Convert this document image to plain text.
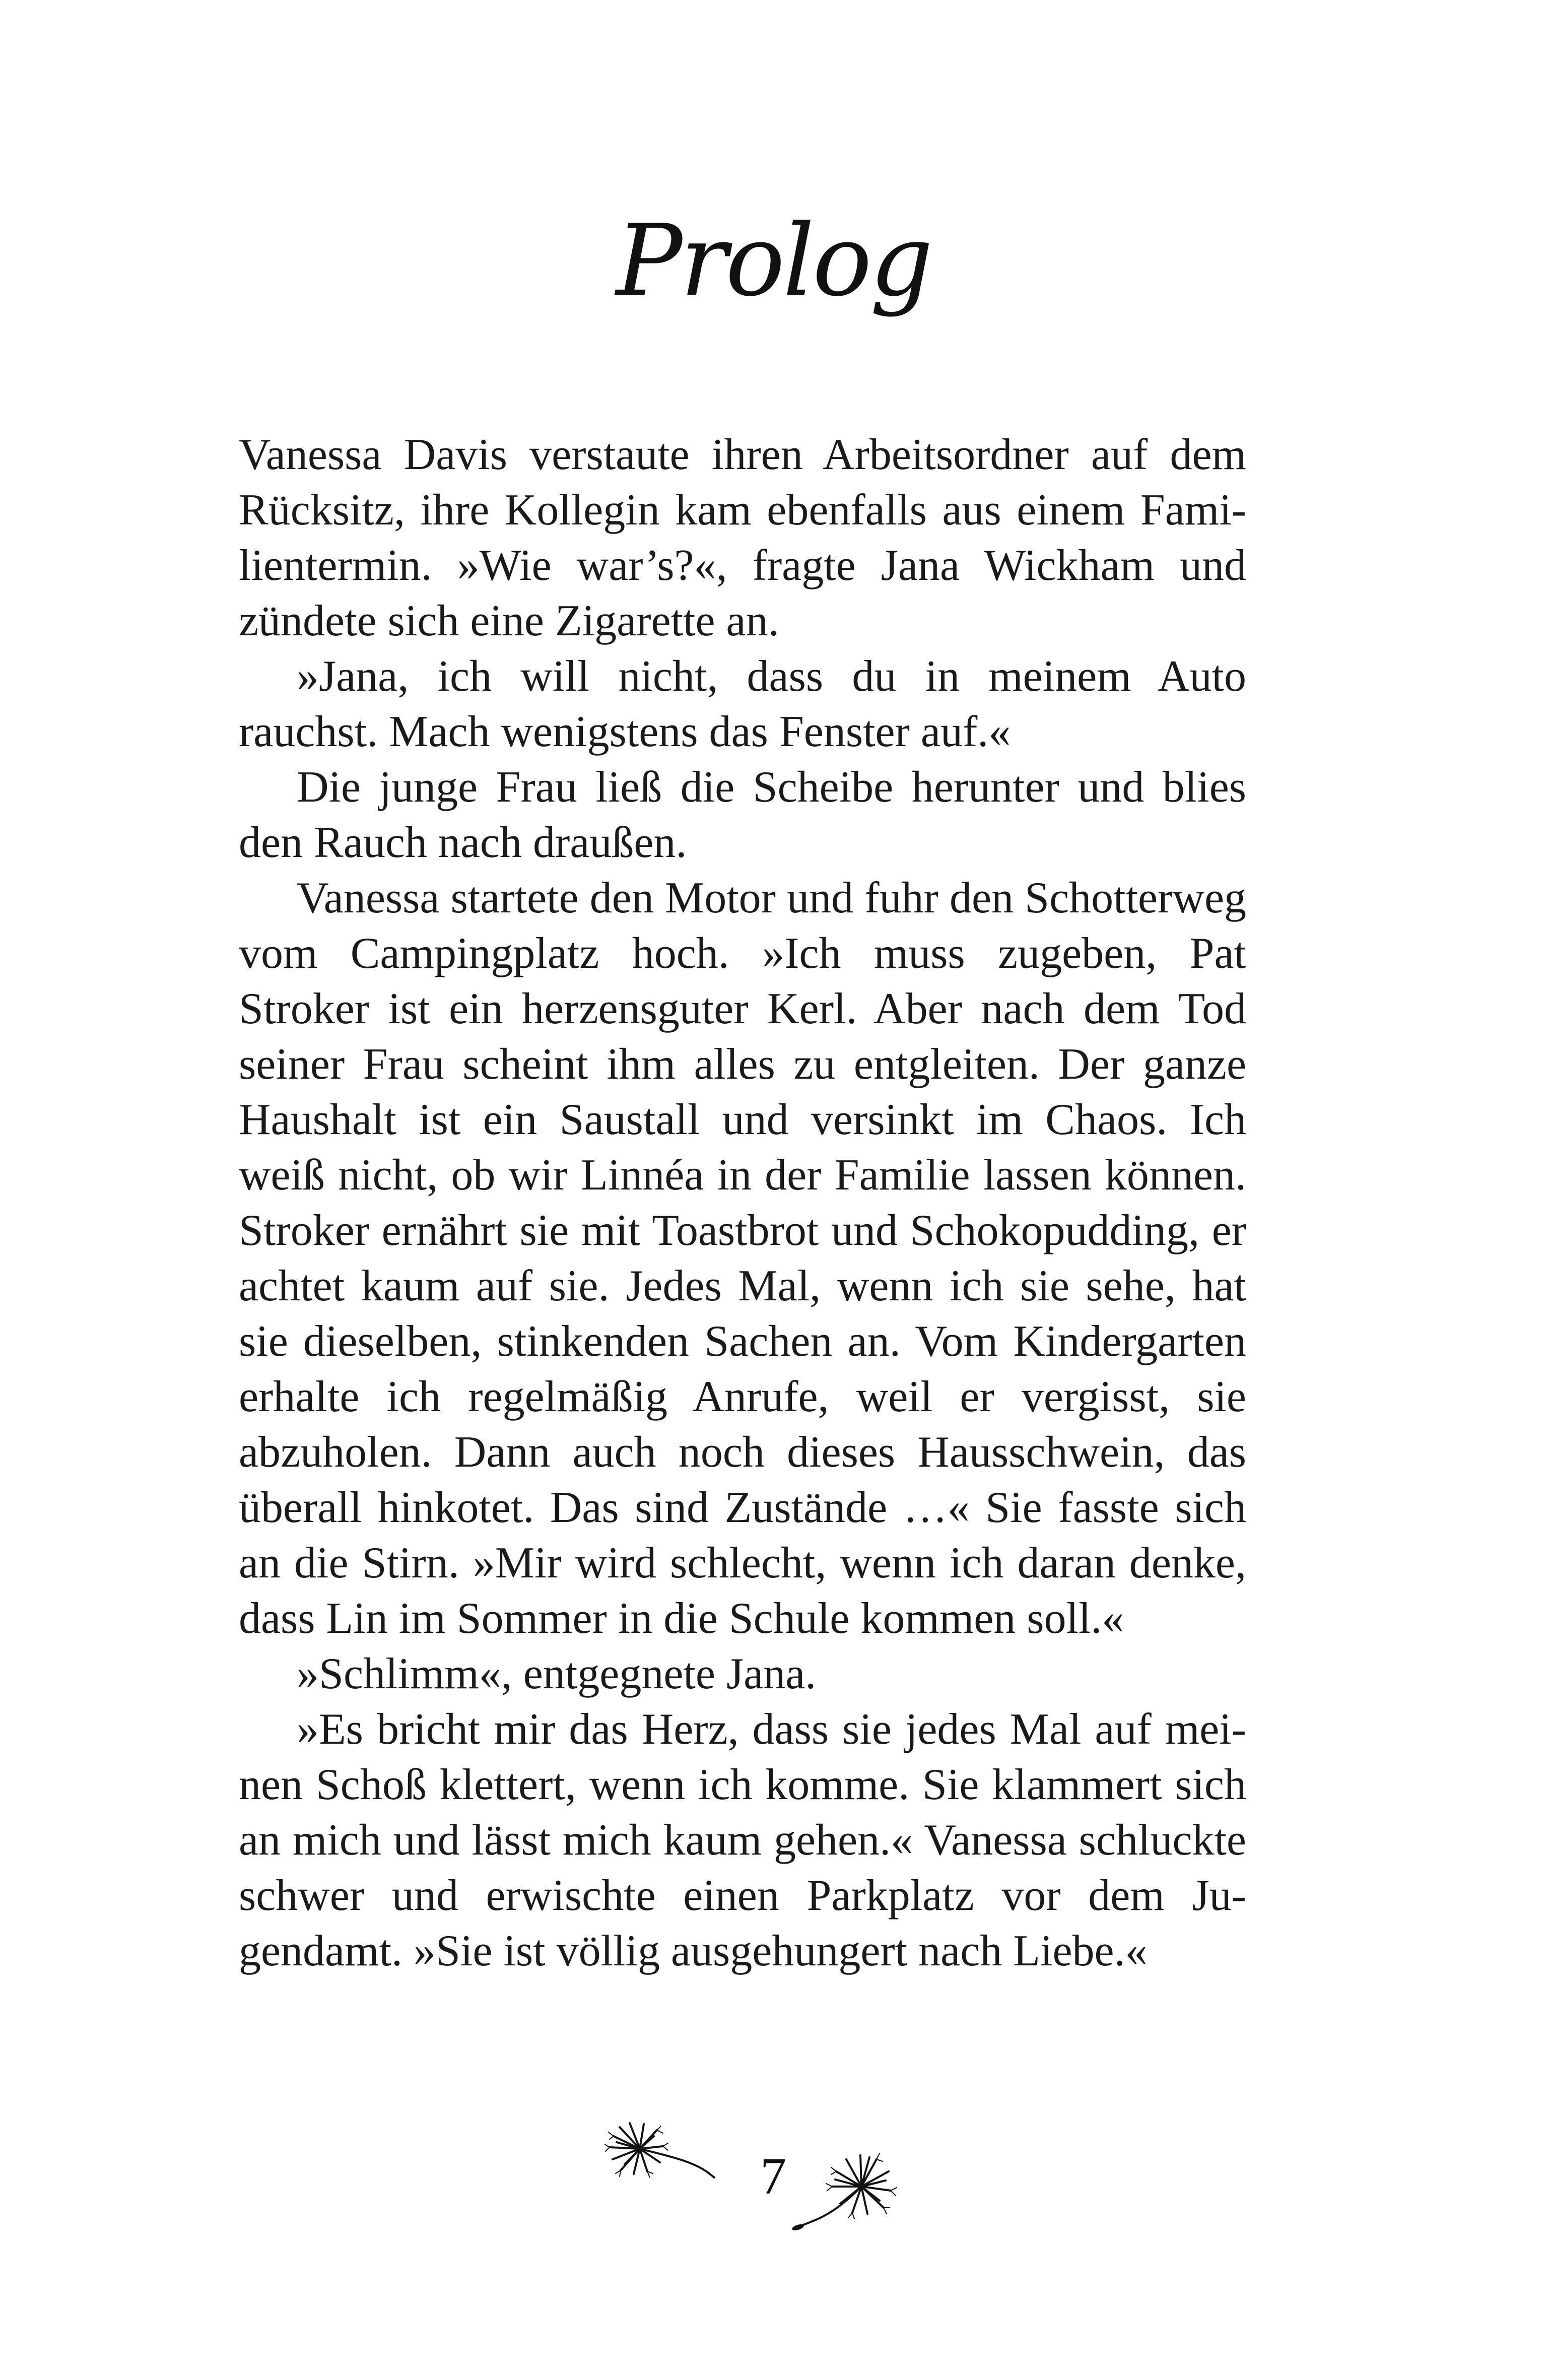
Prolog

Vanessa Davis verstaute ihren Arbeitsordner auf dem Rücksitz, ihre Kollegin kam ebenfalls aus einem Familientermin. »Wie war’s?«, fragte Jana Wickham und zündete sich eine Zigarette an.

»Jana, ich will nicht, dass du in meinem Auto rauchst. Mach wenigstens das Fenster auf.«

Die junge Frau ließ die Scheibe herunter und blies den Rauch nach draußen.

Vanessa startete den Motor und fuhr den Schotterweg vom Campingplatz hoch. »Ich muss zugeben, Pat Stroker ist ein herzensguter Kerl. Aber nach dem Tod seiner Frau scheint ihm alles zu entgleiten. Der ganze Haushalt ist ein Saustall und versinkt im Chaos. Ich weiß nicht, ob wir Linnéa in der Familie lassen können. Stroker ernährt sie mit Toastbrot und Schokopudding, er achtet kaum auf sie. Jedes Mal, wenn ich sie sehe, hat sie dieselben, stinkenden Sachen an. Vom Kindergarten erhalte ich regelmäßig Anrufe, weil er vergisst, sie abzuholen. Dann auch noch dieses Hausschwein, das überall hinkotet. Das sind Zustände …« Sie fasste sich an die Stirn. »Mir wird schlecht, wenn ich daran denke, dass Lin im Sommer in die Schule kommen soll.«

»Schlimm«, entgegnete Jana.

»Es bricht mir das Herz, dass sie jedes Mal auf meinen Schoß klettert, wenn ich komme. Sie klammert sich an mich und lässt mich kaum gehen.« Vanessa schluckte schwer und erwischte einen Parkplatz vor dem Jugendamt. »Sie ist völlig ausgehungert nach Liebe.«

7
